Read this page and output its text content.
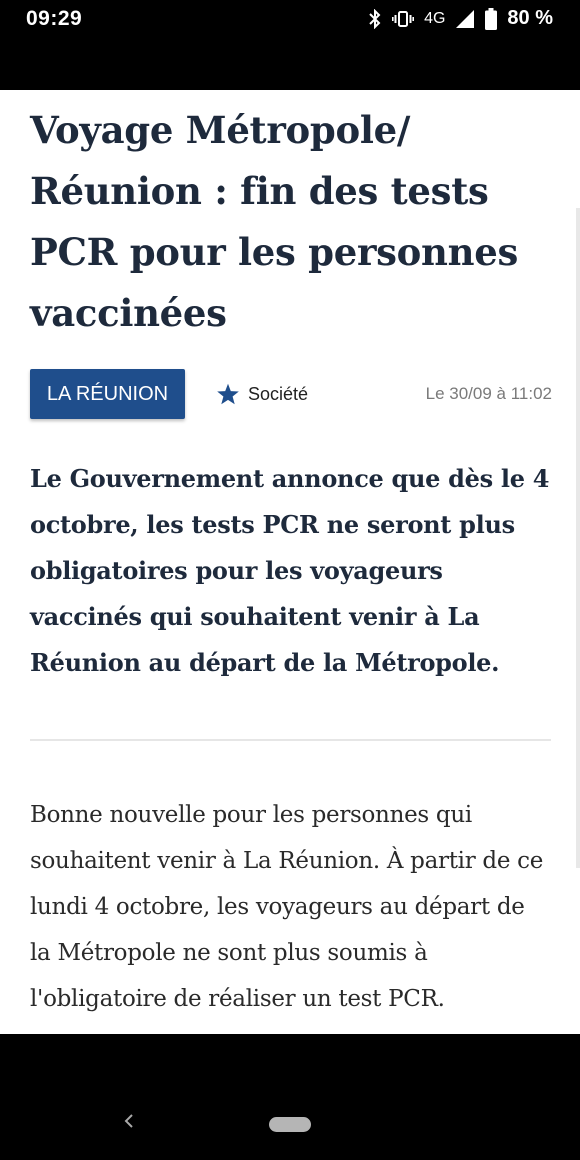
09:29	4G	80 %
Voyage Métropole/ Réunion : fin des tests PCR pour les personnes vaccinées
LA RÉUNION	Société	Le 30/09 à 11:02

Le Gouvernement annonce que dès le 4 octobre, les tests PCR ne seront plus obligatoires pour les voyageurs vaccinés qui souhaitent venir à La Réunion au départ de la Métropole.

Bonne nouvelle pour les personnes qui souhaitent venir à La Réunion. À partir de ce lundi 4 octobre, les voyageurs au départ de la Métropole ne sont plus soumis à l'obligatoire de réaliser un test PCR.
